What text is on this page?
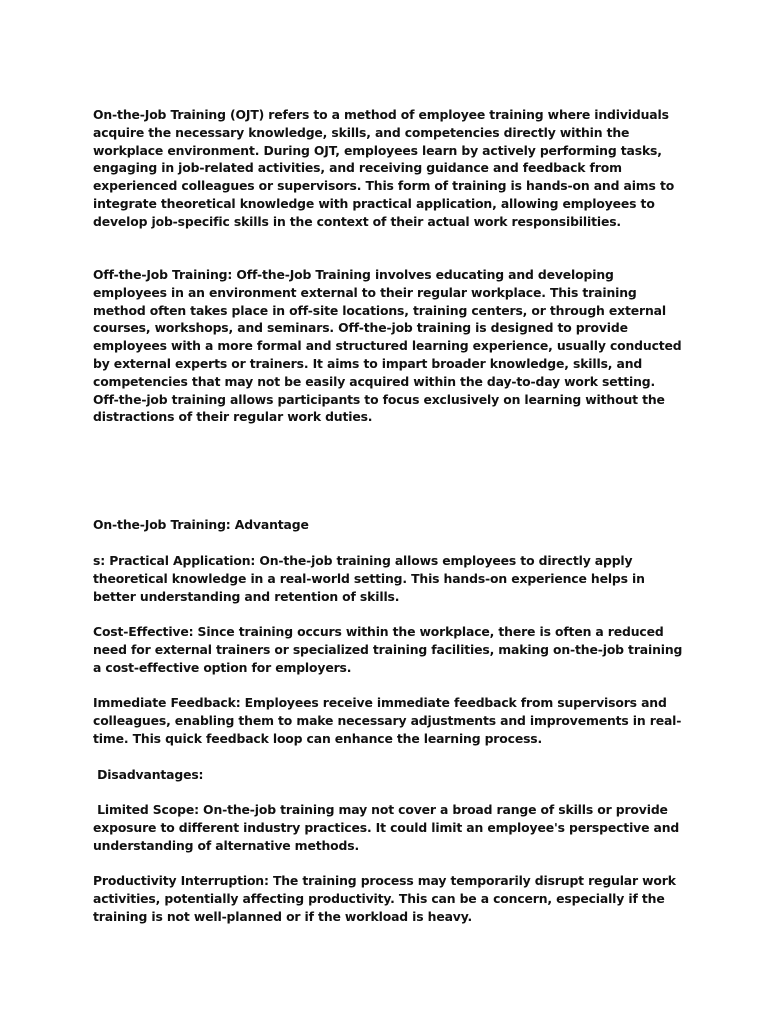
On-the-Job Training (OJT) refers to a method of employee training where individuals acquire the necessary knowledge, skills, and competencies directly within the workplace environment. During OJT, employees learn by actively performing tasks, engaging in job-related activities, and receiving guidance and feedback from experienced colleagues or supervisors. This form of training is hands-on and aims to integrate theoretical knowledge with practical application, allowing employees to develop job-specific skills in the context of their actual work responsibilities.

Off-the-Job Training: Off-the-Job Training involves educating and developing employees in an environment external to their regular workplace. This training method often takes place in off-site locations, training centers, or through external courses, workshops, and seminars. Off-the-job training is designed to provide employees with a more formal and structured learning experience, usually conducted by external experts or trainers. It aims to impart broader knowledge, skills, and competencies that may not be easily acquired within the day-to-day work setting. Off-the-job training allows participants to focus exclusively on learning without the distractions of their regular work duties.

On-the-Job Training: Advantage

s: Practical Application: On-the-job training allows employees to directly apply theoretical knowledge in a real-world setting. This hands-on experience helps in better understanding and retention of skills.

Cost-Effective: Since training occurs within the workplace, there is often a reduced need for external trainers or specialized training facilities, making on-the-job training a cost-effective option for employers.

Immediate Feedback: Employees receive immediate feedback from supervisors and colleagues, enabling them to make necessary adjustments and improvements in real-time. This quick feedback loop can enhance the learning process.

Disadvantages:

Limited Scope: On-the-job training may not cover a broad range of skills or provide exposure to different industry practices. It could limit an employee's perspective and understanding of alternative methods.

Productivity Interruption: The training process may temporarily disrupt regular work activities, potentially affecting productivity. This can be a concern, especially if the training is not well-planned or if the workload is heavy.
